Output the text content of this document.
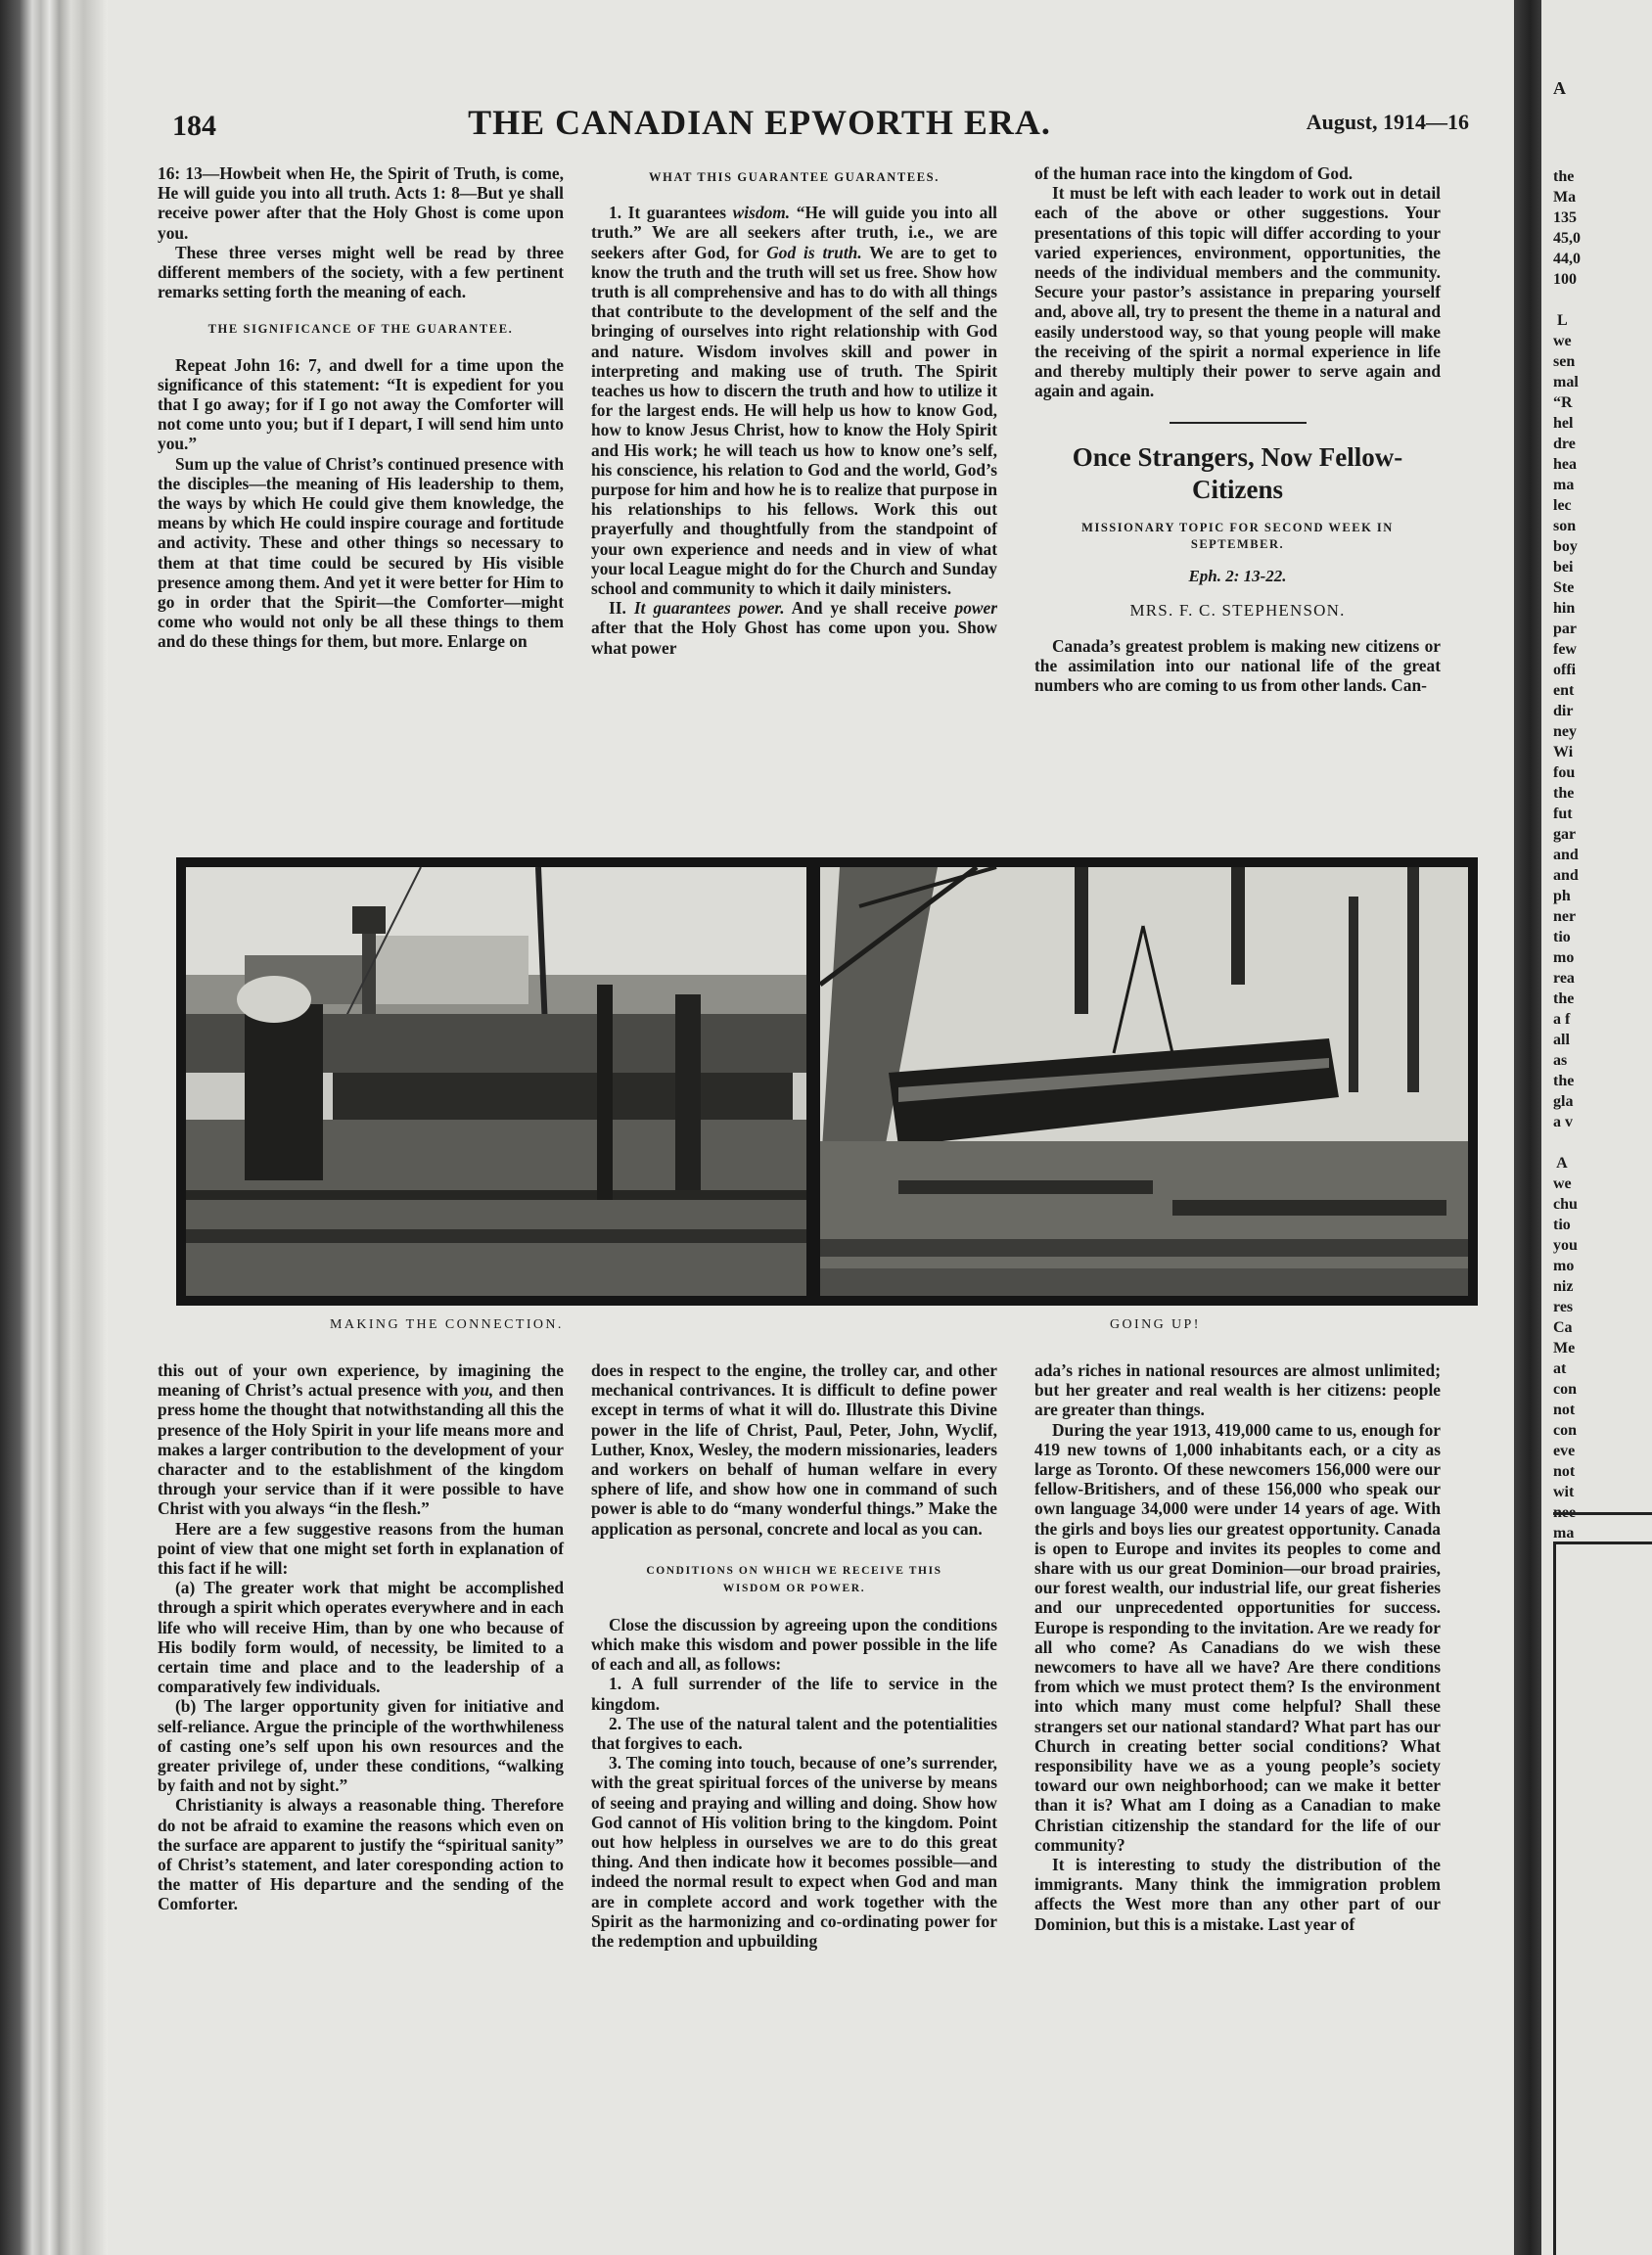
184	THE CANADIAN EPWORTH ERA.	August, 1914—16

16: 13—Howbeit when He, the Spirit of Truth, is come, He will guide you into all truth. Acts 1: 8—But ye shall receive power after that the Holy Ghost is come upon you.

These three verses might well be read by three different members of the society, with a few pertinent remarks setting forth the meaning of each.

THE SIGNIFICANCE OF THE GUARANTEE.

Repeat John 16: 7, and dwell for a time upon the significance of this statement: “It is expedient for you that I go away; for if I go not away the Comforter will not come unto you; but if I depart, I will send him unto you.”

Sum up the value of Christ’s continued presence with the disciples—the meaning of His leadership to them, the ways by which He could give them knowledge, the means by which He could inspire courage and fortitude and activity. These and other things so necessary to them at that time could be secured by His visible presence among them. And yet it were better for Him to go in order that the Spirit—the Comforter—might come who would not only be all these things to them and do these things for them, but more. Enlarge on

WHAT THIS GUARANTEE GUARANTEES.

1. It guarantees wisdom. “He will guide you into all truth.” We are all seekers after truth, i.e., we are seekers after God, for God is truth. We are to get to know the truth and the truth will set us free. Show how truth is all comprehensive and has to do with all things that contribute to the development of the self and the bringing of ourselves into right relationship with God and nature. Wisdom involves skill and power in interpreting and making use of truth. The Spirit teaches us how to discern the truth and how to utilize it for the largest ends. He will help us how to know God, how to know Jesus Christ, how to know the Holy Spirit and His work; he will teach us how to know one’s self, his conscience, his relation to God and the world, God’s purpose for him and how he is to realize that purpose in his relationships to his fellows. Work this out prayerfully and thoughtfully from the standpoint of your own experience and needs and in view of what your local League might do for the Church and Sunday school and community to which it daily ministers.

II. It guarantees power. And ye shall receive power after that the Holy Ghost has come upon you. Show what power

of the human race into the kingdom of God.

It must be left with each leader to work out in detail each of the above or other suggestions. Your presentations of this topic will differ according to your varied experiences, environment, opportunities, the needs of the individual members and the community. Secure your pastor’s assistance in preparing yourself and, above all, try to present the theme in a natural and easily understood way, so that young people will make the receiving of the spirit a normal experience in life and thereby multiply their power to serve again and again and again.

Once Strangers, Now Fellow-Citizens
MISSIONARY TOPIC FOR SECOND WEEK IN SEPTEMBER.
Eph. 2: 13-22.
MRS. F. C. STEPHENSON.

Canada’s greatest problem is making new citizens or the assimilation into our national life of the great numbers who are coming to us from other lands. Can-

MAKING THE CONNECTION.	GOING UP!

this out of your own experience, by imagining the meaning of Christ’s actual presence with you, and then press home the thought that notwithstanding all this the presence of the Holy Spirit in your life means more and makes a larger contribution to the development of your character and to the establishment of the kingdom through your service than if it were possible to have Christ with you always “in the flesh.”

Here are a few suggestive reasons from the human point of view that one might set forth in explanation of this fact if he will:

(a) The greater work that might be accomplished through a spirit which operates everywhere and in each life who will receive Him, than by one who because of His bodily form would, of necessity, be limited to a certain time and place and to the leadership of a comparatively few individuals.

(b) The larger opportunity given for initiative and self-reliance. Argue the principle of the worthwhileness of casting one’s self upon his own resources and the greater privilege of, under these conditions, “walking by faith and not by sight.”

Christianity is always a reasonable thing. Therefore do not be afraid to examine the reasons which even on the surface are apparent to justify the “spiritual sanity” of Christ’s statement, and later coresponding action to the matter of His departure and the sending of the Comforter.

does in respect to the engine, the trolley car, and other mechanical contrivances. It is difficult to define power except in terms of what it will do. Illustrate this Divine power in the life of Christ, Paul, Peter, John, Wyclif, Luther, Knox, Wesley, the modern missionaries, leaders and workers on behalf of human welfare in every sphere of life, and show how one in command of such power is able to do “many wonderful things.” Make the application as personal, concrete and local as you can.

CONDITIONS ON WHICH WE RECEIVE THIS WISDOM OR POWER.

Close the discussion by agreeing upon the conditions which make this wisdom and power possible in the life of each and all, as follows:

1. A full surrender of the life to service in the kingdom.

2. The use of the natural talent and the potentialities that forgives to each.

3. The coming into touch, because of one’s surrender, with the great spiritual forces of the universe by means of seeing and praying and willing and doing. Show how God cannot of His volition bring to the kingdom. Point out how helpless in ourselves we are to do this great thing. And then indicate how it becomes possible—and indeed the normal result to expect when God and man are in complete accord and work together with the Spirit as the harmonizing and co-ordinating power for the redemption and upbuilding

ada’s riches in national resources are almost unlimited; but her greater and real wealth is her citizens: people are greater than things.

During the year 1913, 419,000 came to us, enough for 419 new towns of 1,000 inhabitants each, or a city as large as Toronto. Of these newcomers 156,000 were our fellow-Britishers, and of these 156,000 who speak our own language 34,000 were under 14 years of age. With the girls and boys lies our greatest opportunity. Canada is open to Europe and invites its peoples to come and share with us our great Dominion—our broad prairies, our forest wealth, our industrial life, our great fisheries and our unprecedented opportunities for success. Europe is responding to the invitation. Are we ready for all who come? As Canadians do we wish these newcomers to have all we have? Are there conditions from which we must protect them? Is the environment into which many must come helpful? Shall these strangers set our national standard? What part has our Church in creating better social conditions? What responsibility have we as a young people’s society toward our own neighborhood; can we make it better than it is? What am I doing as a Canadian to make Christian citizenship the standard for the life of our community?

It is interesting to study the distribution of the immigrants. Many think the immigration problem affects the West more than any other part of our Dominion, but this is a mistake. Last year of

A
the
Ma
135
45,0
44,0
100

L
we
sen
mal
“R
hel
dre
hea
ma
lec
son
boy
bei
Ste
hin
par
few
offi
ent
dir
ney
Wi
fou
the
fut
gar
and
and
ph
ner
tio
mo
rea
the
a f
all
as
the
gla
a v

A
we
chu
tio
you
mo
niz
res
Ca
Me
at
con
not
con
eve
not
wit

ma
